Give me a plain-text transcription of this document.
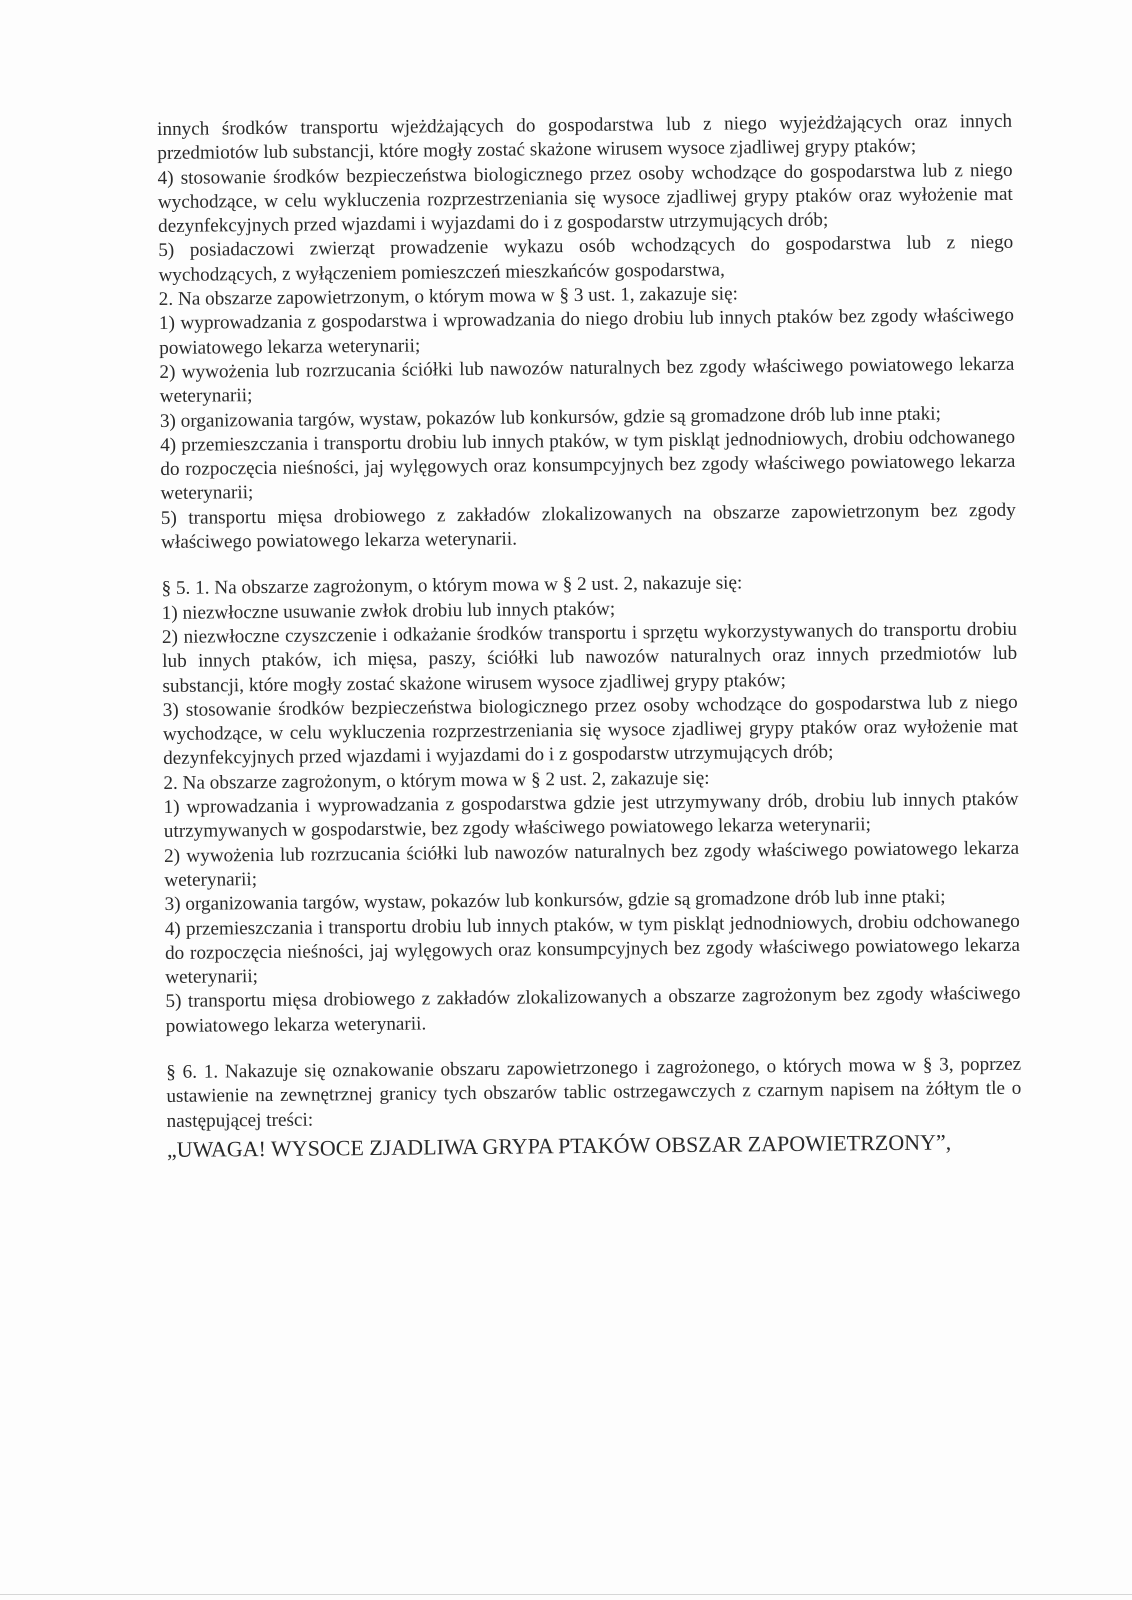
innych środków transportu wjeżdżających do gospodarstwa lub z niego wyjeżdżających oraz innych przedmiotów lub substancji, które mogły zostać skażone wirusem wysoce zjadliwej grypy ptaków;

4) stosowanie środków bezpieczeństwa biologicznego przez osoby wchodzące do gospodarstwa lub z niego wychodzące, w celu wykluczenia rozprzestrzeniania się wysoce zjadliwej grypy ptaków oraz wyłożenie mat dezynfekcyjnych przed wjazdami i wyjazdami do i z gospodarstw utrzymujących drób;

5) posiadaczowi zwierząt prowadzenie wykazu osób wchodzących do gospodarstwa lub z niego wychodzących, z wyłączeniem pomieszczeń mieszkańców gospodarstwa,

2. Na obszarze zapowietrzonym, o którym mowa w § 3 ust. 1, zakazuje się:

1) wyprowadzania z gospodarstwa i wprowadzania do niego drobiu lub innych ptaków bez zgody właściwego powiatowego lekarza weterynarii;

2) wywożenia lub rozrzucania ściółki lub nawozów naturalnych bez zgody właściwego powiatowego lekarza weterynarii;

3) organizowania targów, wystaw, pokazów lub konkursów, gdzie są gromadzone drób lub inne ptaki;

4) przemieszczania i transportu drobiu lub innych ptaków, w tym piskląt jednodniowych, drobiu odchowanego do rozpoczęcia nieśności, jaj wylęgowych oraz konsumpcyjnych bez zgody właściwego powiatowego lekarza weterynarii;

5) transportu mięsa drobiowego z zakładów zlokalizowanych na obszarze zapowietrzonym bez zgody właściwego powiatowego lekarza weterynarii.

§ 5. 1. Na obszarze zagrożonym, o którym mowa w § 2 ust. 2, nakazuje się:

1) niezwłoczne usuwanie zwłok drobiu lub innych ptaków;

2) niezwłoczne czyszczenie i odkażanie środków transportu i sprzętu wykorzystywanych do transportu drobiu lub innych ptaków, ich mięsa, paszy, ściółki lub nawozów naturalnych oraz innych przedmiotów lub substancji, które mogły zostać skażone wirusem wysoce zjadliwej grypy ptaków;

3) stosowanie środków bezpieczeństwa biologicznego przez osoby wchodzące do gospodarstwa lub z niego wychodzące, w celu wykluczenia rozprzestrzeniania się wysoce zjadliwej grypy ptaków oraz wyłożenie mat dezynfekcyjnych przed wjazdami i wyjazdami do i z gospodarstw utrzymujących drób;

2. Na obszarze zagrożonym, o którym mowa w § 2 ust. 2, zakazuje się:

1) wprowadzania i wyprowadzania z gospodarstwa gdzie jest utrzymywany drób, drobiu lub innych ptaków utrzymywanych w gospodarstwie, bez zgody właściwego powiatowego lekarza weterynarii;

2) wywożenia lub rozrzucania ściółki lub nawozów naturalnych bez zgody właściwego powiatowego lekarza weterynarii;

3) organizowania targów, wystaw, pokazów lub konkursów, gdzie są gromadzone drób lub inne ptaki;

4) przemieszczania i transportu drobiu lub innych ptaków, w tym piskląt jednodniowych, drobiu odchowanego do rozpoczęcia nieśności, jaj wylęgowych oraz konsumpcyjnych bez zgody właściwego powiatowego lekarza weterynarii;

5) transportu mięsa drobiowego z zakładów zlokalizowanych a obszarze zagrożonym bez zgody właściwego powiatowego lekarza weterynarii.

§ 6. 1. Nakazuje się oznakowanie obszaru zapowietrzonego i zagrożonego, o których mowa w § 3, poprzez ustawienie na zewnętrznej granicy tych obszarów tablic ostrzegawczych z czarnym napisem na żółtym tle o następującej treści:

„UWAGA! WYSOCE ZJADLIWA GRYPA PTAKÓW OBSZAR ZAPOWIETRZONY”,
